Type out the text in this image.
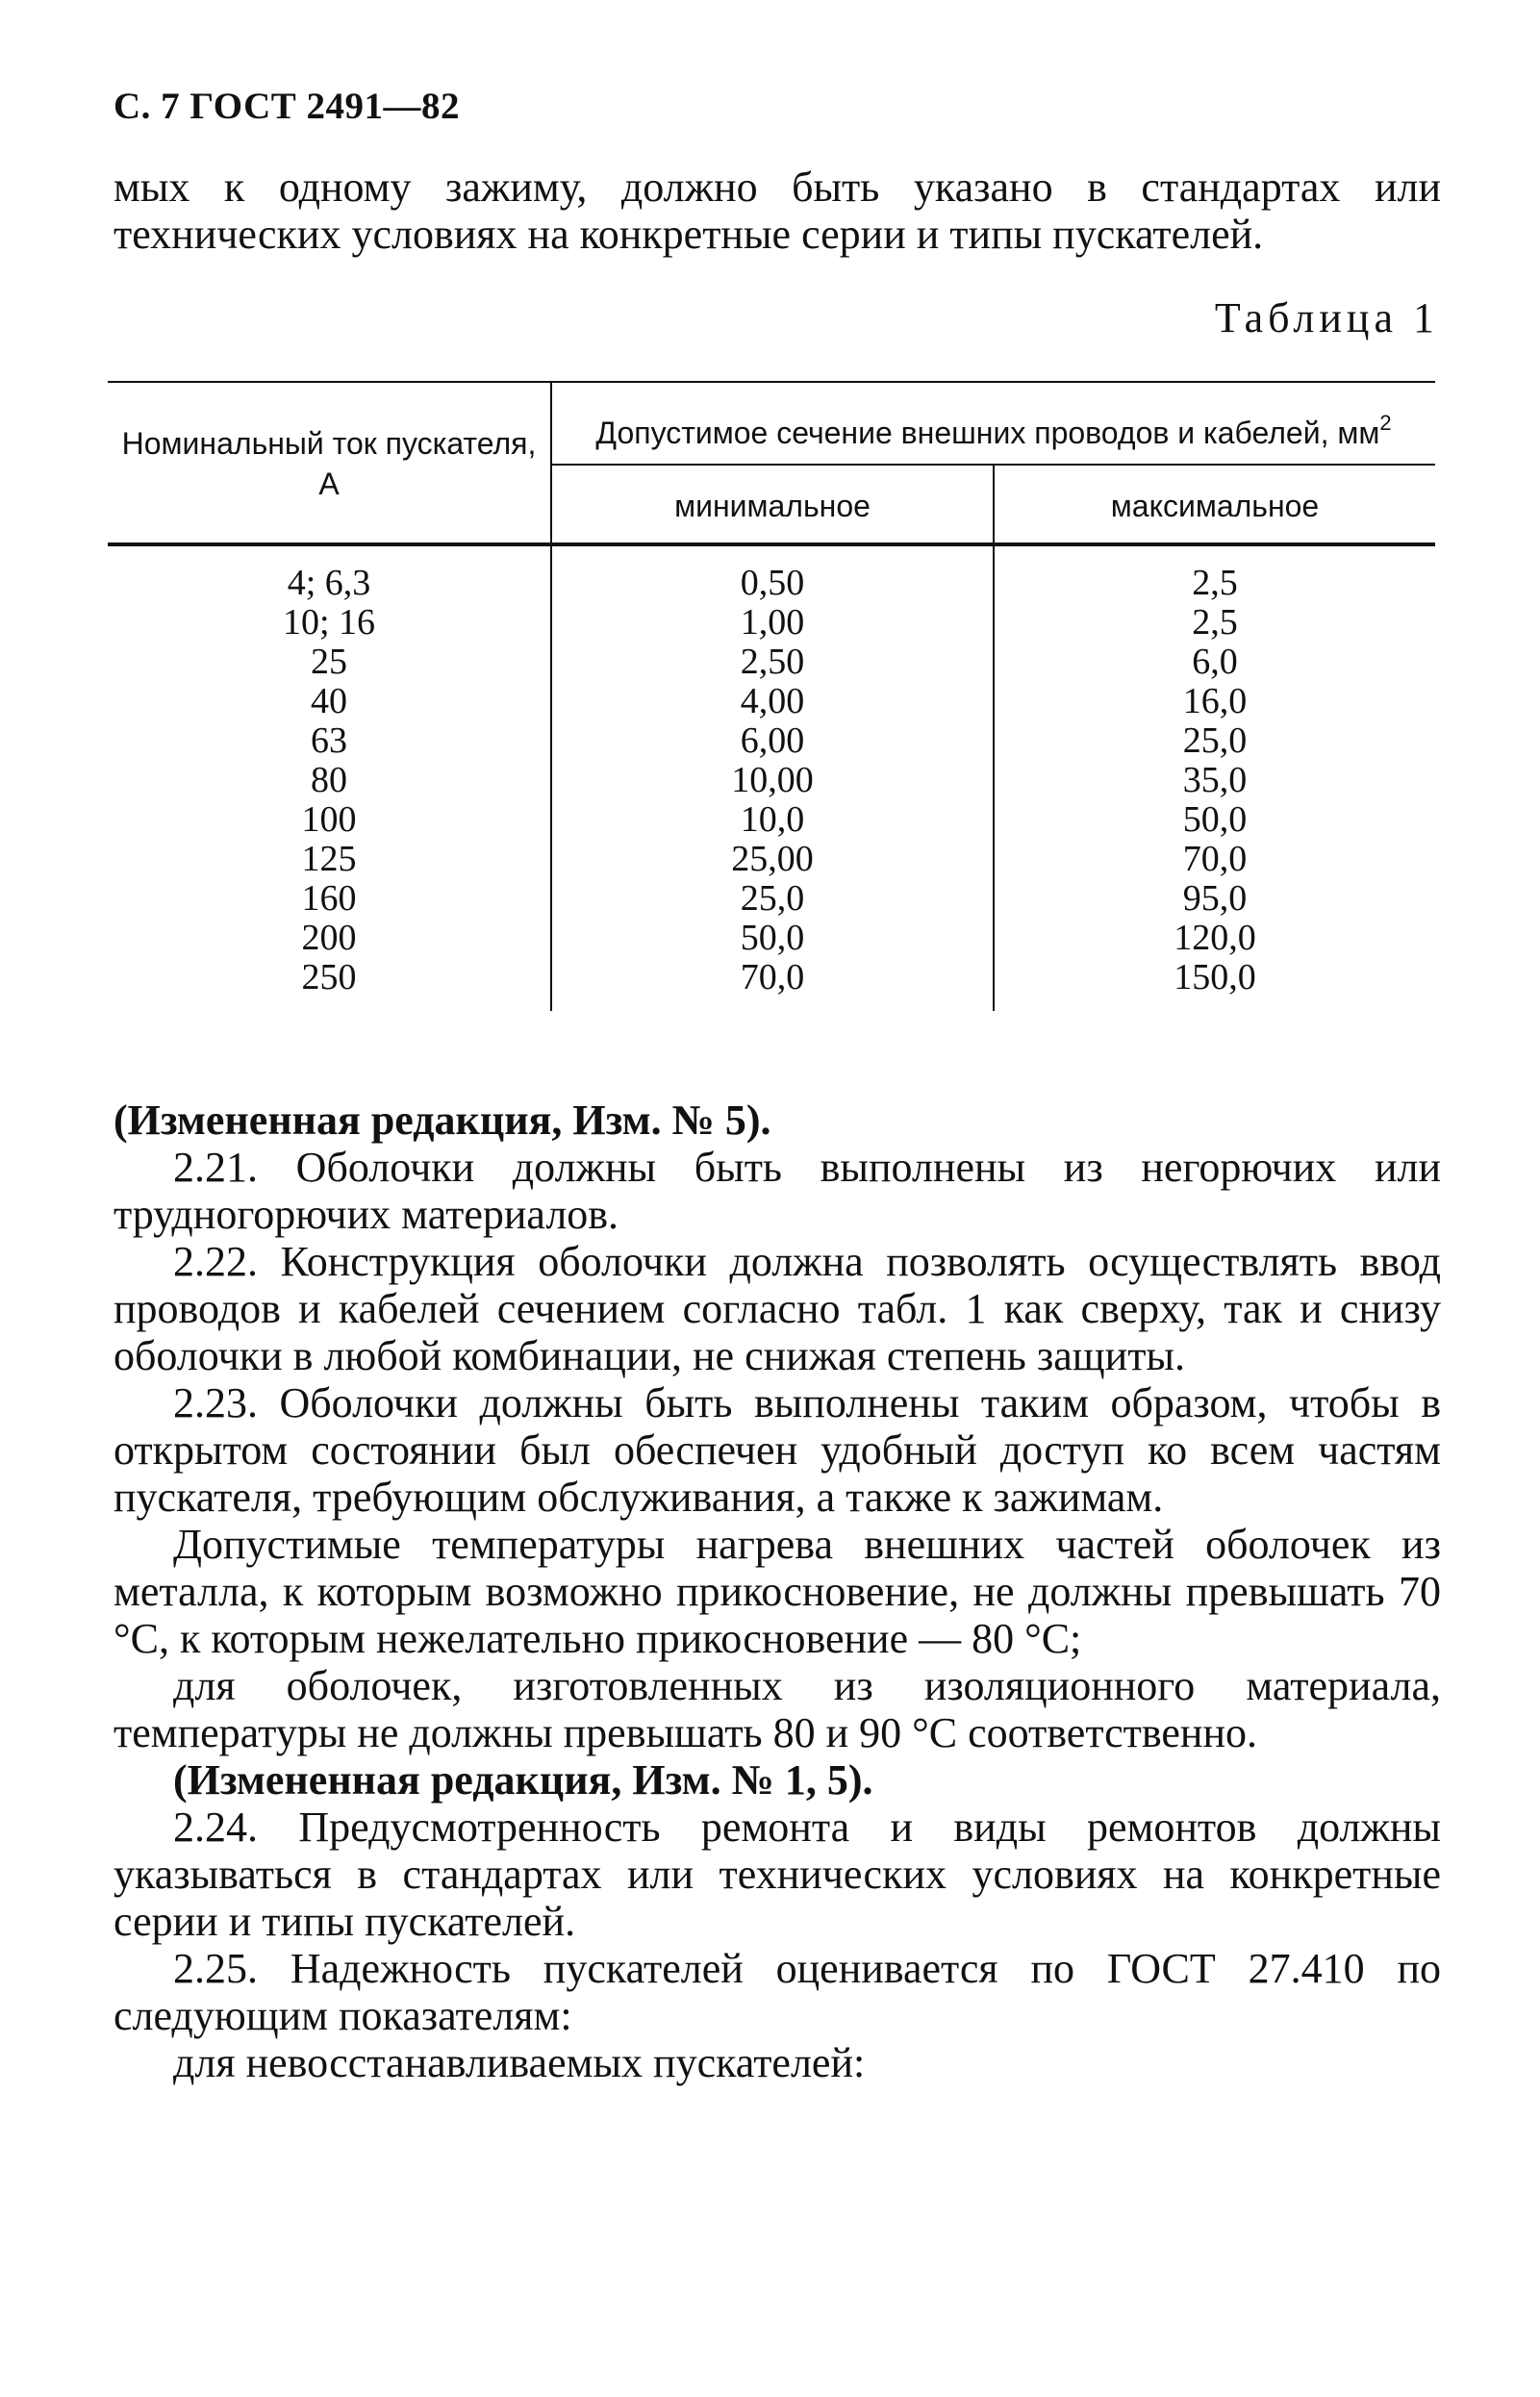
С. 7 ГОСТ 2491—82

мых к одному зажиму, должно быть указано в стандартах или технических условиях на конкретные серии и типы пускателей.

Таблица 1
Номинальный ток пускателя, А
Допустимое сечение внешних проводов и кабелей, $мм^2$
минимальное	максимальное
4; 6,3
10; 16
25
40
63
80
100
125
160
200
250
0,50
1,00
2,50
4,00
6,00
10,00
10,0
25,00
25,0
50,0
70,0
2,5
2,5
6,0
16,0
25,0
35,0
50,0
70,0
95,0
120,0
150,0

(Измененная редакция, Изм. № 5).

2.21. Оболочки должны быть выполнены из негорючих или трудногорючих материалов.

2.22. Конструкция оболочки должна позволять осуществлять ввод проводов и кабелей сечением согласно табл. 1 как сверху, так и снизу оболочки в любой комбинации, не снижая степень защиты.

2.23. Оболочки должны быть выполнены таким образом, чтобы в открытом состоянии был обеспечен удобный доступ ко всем частям пускателя, требующим обслуживания, а также к зажимам.

Допустимые температуры нагрева внешних частей оболочек из металла, к которым возможно прикосновение, не должны превышать 70 °С, к которым нежелательно прикосновение — 80 °С;

для оболочек, изготовленных из изоляционного материала, температуры не должны превышать 80 и 90 °С соответственно.

(Измененная редакция, Изм. № 1, 5).

2.24. Предусмотренность ремонта и виды ремонтов должны указываться в стандартах или технических условиях на конкретные серии и типы пускателей.

2.25. Надежность пускателей оценивается по ГОСТ 27.410 по следующим показателям:

для невосстанавливаемых пускателей:
